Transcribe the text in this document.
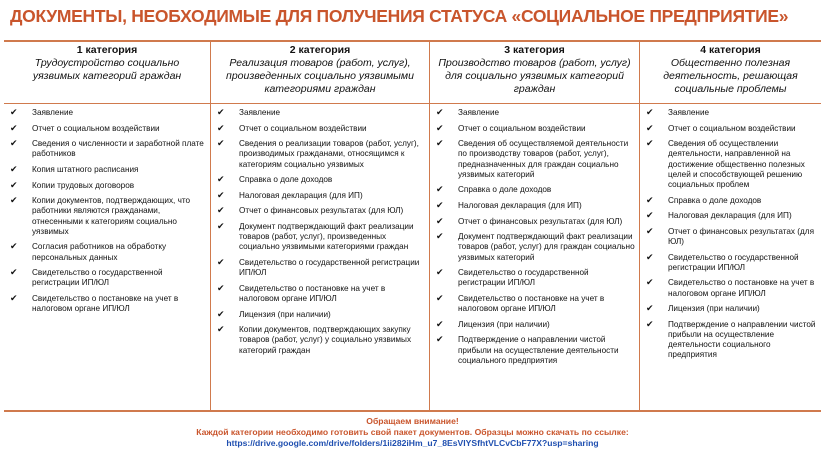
ДОКУМЕНТЫ, НЕОБХОДИМЫЕ ДЛЯ ПОЛУЧЕНИЯ СТАТУСА «СОЦИАЛЬНОЕ ПРЕДПРИЯТИЕ»
1 категория
Трудоустройство социально уязвимых категорий граждан
✔ Заявление
✔ Отчет о социальном воздействии
✔ Сведения о численности и заработной плате работников
✔ Копия штатного расписания
✔ Копии трудовых договоров
✔ Копии документов, подтверждающих, что работники являются гражданами, отнесенными к категориям социально уязвимых
✔ Согласия работников на обработку персональных данных
✔ Свидетельство о государственной регистрации ИП/ЮЛ
✔ Свидетельство о постановке на учет в налоговом органе ИП/ЮЛ
2 категория
Реализация товаров (работ, услуг), произведенных социально уязвимыми категориями граждан
✔ Заявление
✔ Отчет о социальном воздействии
✔ Сведения о реализации товаров (работ, услуг), производимых гражданами, относящимся к категориям социально уязвимых
✔ Справка о доле доходов
✔ Налоговая декларация (для ИП)
✔ Отчет о финансовых результатах (для ЮЛ)
✔ Документ подтверждающий факт реализации товаров (работ, услуг), произведенных социально уязвимыми категориями граждан
✔ Свидетельство о государственной регистрации ИП/ЮЛ
✔ Свидетельство о постановке на учет в налоговом органе ИП/ЮЛ
✔ Лицензия (при наличии)
✔ Копии документов, подтверждающих закупку товаров (работ, услуг) у социально уязвимых категорий граждан
3 категория
Производство товаров (работ, услуг) для социально уязвимых категорий граждан
✔ Заявление
✔ Отчет о социальном воздействии
✔ Сведения об осуществляемой деятельности по производству товаров (работ, услуг), предназначенных для граждан социально уязвимых категорий
✔ Справка о доле доходов
✔ Налоговая декларация (для ИП)
✔ Отчет о финансовых результатах (для ЮЛ)
✔ Документ подтверждающий факт реализации товаров (работ, услуг) для граждан социально уязвимых категорий
✔ Свидетельство о государственной регистрации ИП/ЮЛ
✔ Свидетельство о постановке на учет в налоговом органе ИП/ЮЛ
✔ Лицензия (при наличии)
✔ Подтверждение о направлении чистой прибыли на осуществление деятельности социального предприятия
4 категория
Общественно полезная деятельность, решающая социальные проблемы
✔ Заявление
✔ Отчет о социальном воздействии
✔ Сведения об осуществлении деятельности, направленной на достижение общественно полезных целей и способствующей решению социальных проблем
✔ Справка о доле доходов
✔ Налоговая декларация (для ИП)
✔ Отчет о финансовых результатах (для ЮЛ)
✔ Свидетельство о государственной регистрации ИП/ЮЛ
✔ Свидетельство о постановке на учет в налоговом органе ИП/ЮЛ
✔ Лицензия (при наличии)
✔ Подтверждение о направлении чистой прибыли на осуществление деятельности социального предприятия
Обращаем внимание!
Каждой категории необходимо готовить свой пакет документов. Образцы можно скачать по ссылке:
https://drive.google.com/drive/folders/1ii282iHm_u7_8EsVIYSfhtVLCvCbF77X?usp=sharing
